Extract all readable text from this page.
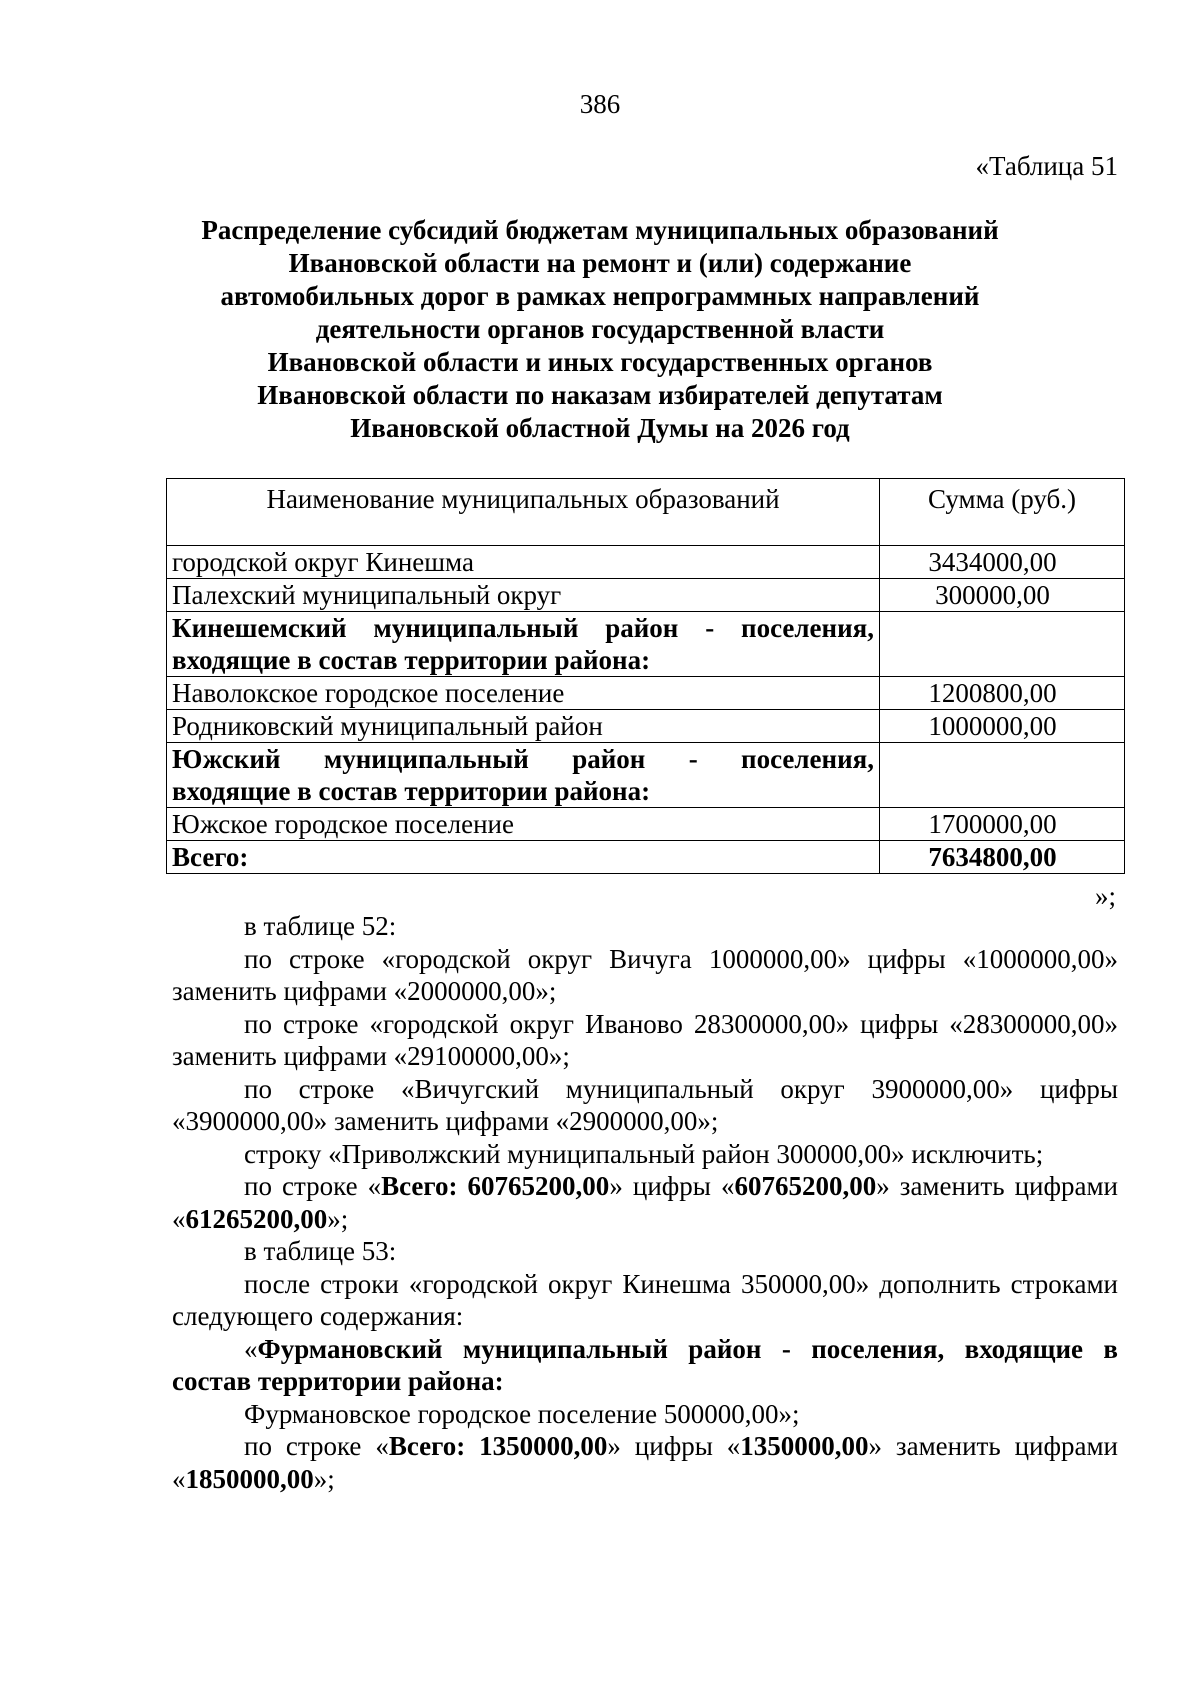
386
«Таблица 51
Распределение субсидий бюджетам муниципальных образований
Ивановской области на ремонт и (или) содержание
автомобильных дорог в рамках непрограммных направлений
деятельности органов государственной власти
Ивановской области и иных государственных органов
Ивановской области по наказам избирателей депутатам
Ивановской областной Думы на 2026 год
Наименование муниципальных образований	Сумма (руб.)
городской округ Кинешма	3434000,00
Палехский муниципальный округ	300000,00

Кинешемский муниципальный район - поселения,
входящие в состав территории района:	

Наволокское городское поселение	1200800,00
Родниковский муниципальный район	1000000,00

Южский муниципальный район - поселения,
входящие в состав территории района:	

Южское городское поселение	1700000,00
Всего:	7634800,00
»;

в таблице 52:

по строке «городской округ Вичуга 1000000,00» цифры «1000000,00» заменить цифрами «2000000,00»;

по строке «городской округ Иваново 28300000,00» цифры «28300000,00» заменить цифрами «29100000,00»;

по строке «Вичугский муниципальный округ 3900000,00» цифры «3900000,00» заменить цифрами «2900000,00»;

строку «Приволжский муниципальный район 300000,00» исключить;

по строке «Всего: 60765200,00» цифры «60765200,00» заменить цифрами «61265200,00»;

в таблице 53:

после строки «городской округ Кинешма 350000,00» дополнить строками следующего содержания:

«Фурмановский муниципальный район - поселения, входящие в состав территории района:

Фурмановское городское поселение 500000,00»;

по строке «Всего: 1350000,00» цифры «1350000,00» заменить цифрами «1850000,00»;
